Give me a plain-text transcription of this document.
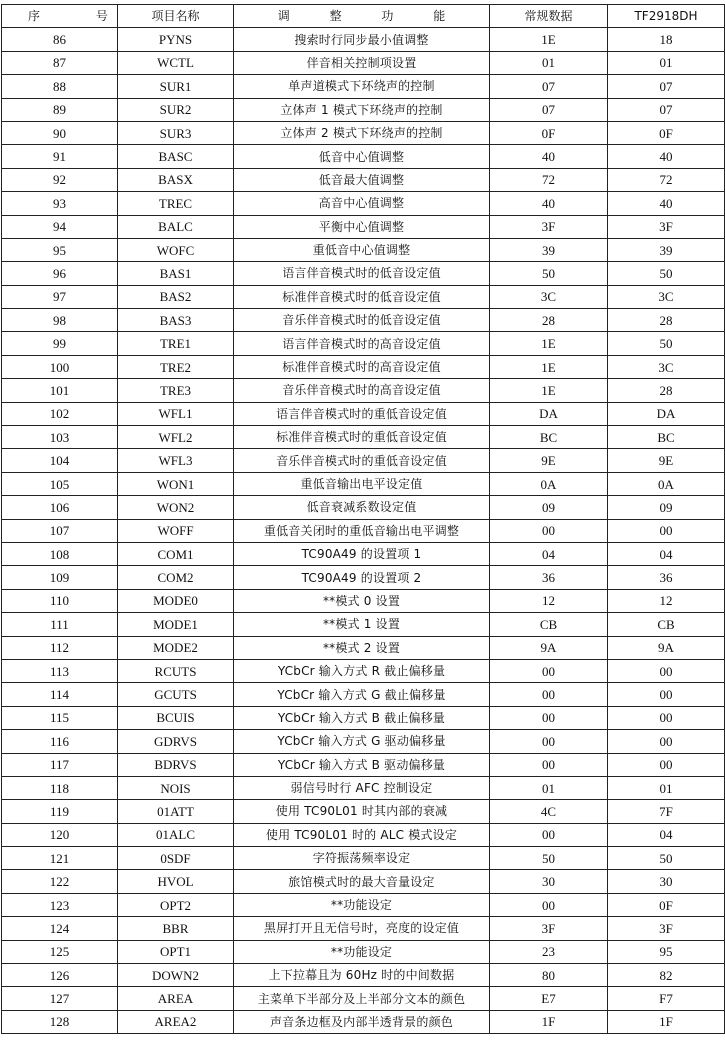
序 号	项目名称	调 整 功 能	常规数据	TF2918DH
86	PYNS	搜索时行同步最小值调整	1E	18
87	WCTL	伴音相关控制项设置	01	01
88	SUR1	单声道模式下环绕声的控制	07	07
89	SUR2	立体声 1 模式下环绕声的控制	07	07
90	SUR3	立体声 2 模式下环绕声的控制	0F	0F
91	BASC	低音中心值调整	40	40
92	BASX	低音最大值调整	72	72
93	TREC	高音中心值调整	40	40
94	BALC	平衡中心值调整	3F	3F
95	WOFC	重低音中心值调整	39	39
96	BAS1	语言伴音模式时的低音设定值	50	50
97	BAS2	标准伴音模式时的低音设定值	3C	3C
98	BAS3	音乐伴音模式时的低音设定值	28	28
99	TRE1	语言伴音模式时的高音设定值	1E	50
100	TRE2	标准伴音模式时的高音设定值	1E	3C
101	TRE3	音乐伴音模式时的高音设定值	1E	28
102	WFL1	语言伴音模式时的重低音设定值	DA	DA
103	WFL2	标准伴音模式时的重低音设定值	BC	BC
104	WFL3	音乐伴音模式时的重低音设定值	9E	9E
105	WON1	重低音输出电平设定值	0A	0A
106	WON2	低音衰减系数设定值	09	09
107	WOFF	重低音关闭时的重低音输出电平调整	00	00
108	COM1	TC90A49 的设置项 1	04	04
109	COM2	TC90A49 的设置项 2	36	36
110	MODE0	**模式 0 设置	12	12
111	MODE1	**模式 1 设置	CB	CB
112	MODE2	**模式 2 设置	9A	9A
113	RCUTS	YCbCr 输入方式 R 截止偏移量	00	00
114	GCUTS	YCbCr 输入方式 G 截止偏移量	00	00
115	BCUIS	YCbCr 输入方式 B 截止偏移量	00	00
116	GDRVS	YCbCr 输入方式 G 驱动偏移量	00	00
117	BDRVS	YCbCr 输入方式 B 驱动偏移量	00	00
118	NOIS	弱信号时行 AFC 控制设定	01	01
119	01ATT	使用 TC90L01 时其内部的衰减	4C	7F
120	01ALC	使用 TC90L01 时的 ALC 模式设定	00	04
121	0SDF	字符振荡频率设定	50	50
122	HVOL	旅馆模式时的最大音量设定	30	30
123	OPT2	**功能设定	00	0F
124	BBR	黑屏打开且无信号时，亮度的设定值	3F	3F
125	OPT1	**功能设定	23	95
126	DOWN2	上下拉幕且为 60Hz 时的中间数据	80	82
127	AREA	主菜单下半部分及上半部分文本的颜色	E7	F7
128	AREA2	声音条边框及内部半透背景的颜色	1F	1F
